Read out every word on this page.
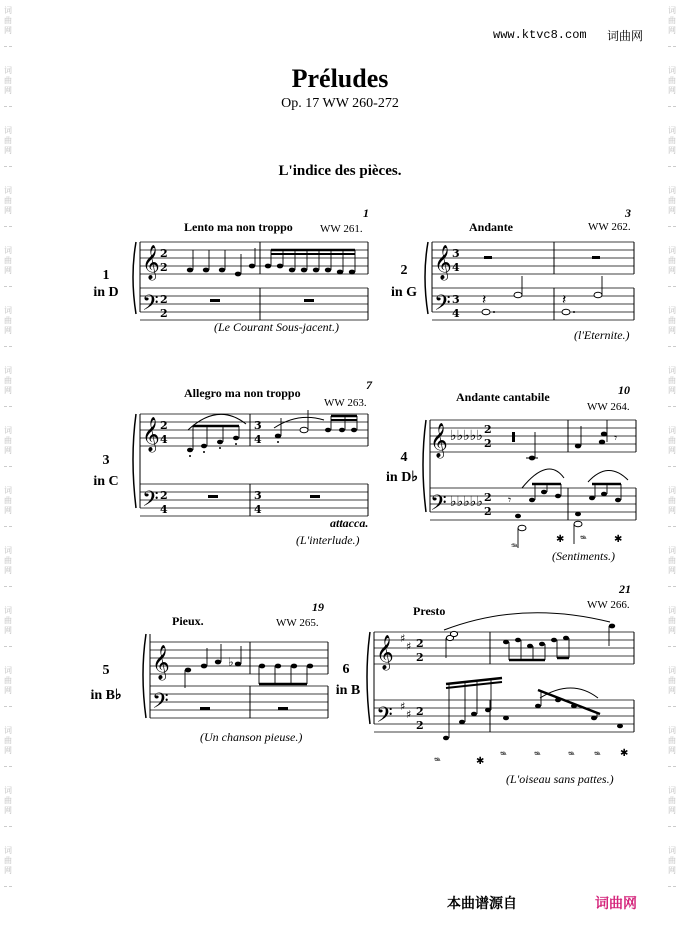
词
曲
网
词
曲
网
词
曲
网
词
曲
网
词
曲
网
词
曲
网
词
曲
网
词
曲
网
词
曲
网
词
曲
网
词
曲
网
词
曲
网
词
曲
网
词
曲
网
词
曲
网
词
曲
网
词
曲
网
词
曲
网
词
曲
网
词
曲
网
词
曲
网
词
曲
网
词
曲
网
词
曲
网
词
曲
网
词
曲
网
词
曲
网
词
曲
网
词
曲
网
词
曲
网
www.ktvc8.com 词曲网
Préludes
Op. 17 WW 260-272
L'indice des pièces.
Lento ma non troppo WW 261.
1
1
in D
𝄞
𝄢
2
2
2
2
(Le Courant Sous-jacent.)
Andante	WW 262.
3
2
in G
𝄞
𝄢
3
4
3
4
𝄽	𝄽
(l'Eternite.)
Allegro ma non troppo
WW 263.
7
3
in C
𝄞
𝄢
2
4
2
4
3
4
3
4
attacca.
(L'interlude.)
Andante cantabile
WW 264.
10
4
in D♭
𝄞
𝄢
♭♭♭♭♭
♭♭♭♭♭
2
2
2
2
𝄾
𝄾
𝆮
✱ 𝆮	✱
(Sentiments.)
Pieux.	WW 265.
19
5
in B♭
𝄞
𝄢
♭
(Un chanson pieuse.)
Presto	WW 266.
21
6
in B
𝄞
𝄢
♯
♯
♯
♯
2
2
2
2
𝆮	✱
𝆮	𝆮	𝆮 𝆮 ✱
(L'oiseau sans pattes.)
本曲谱源自	词曲网
